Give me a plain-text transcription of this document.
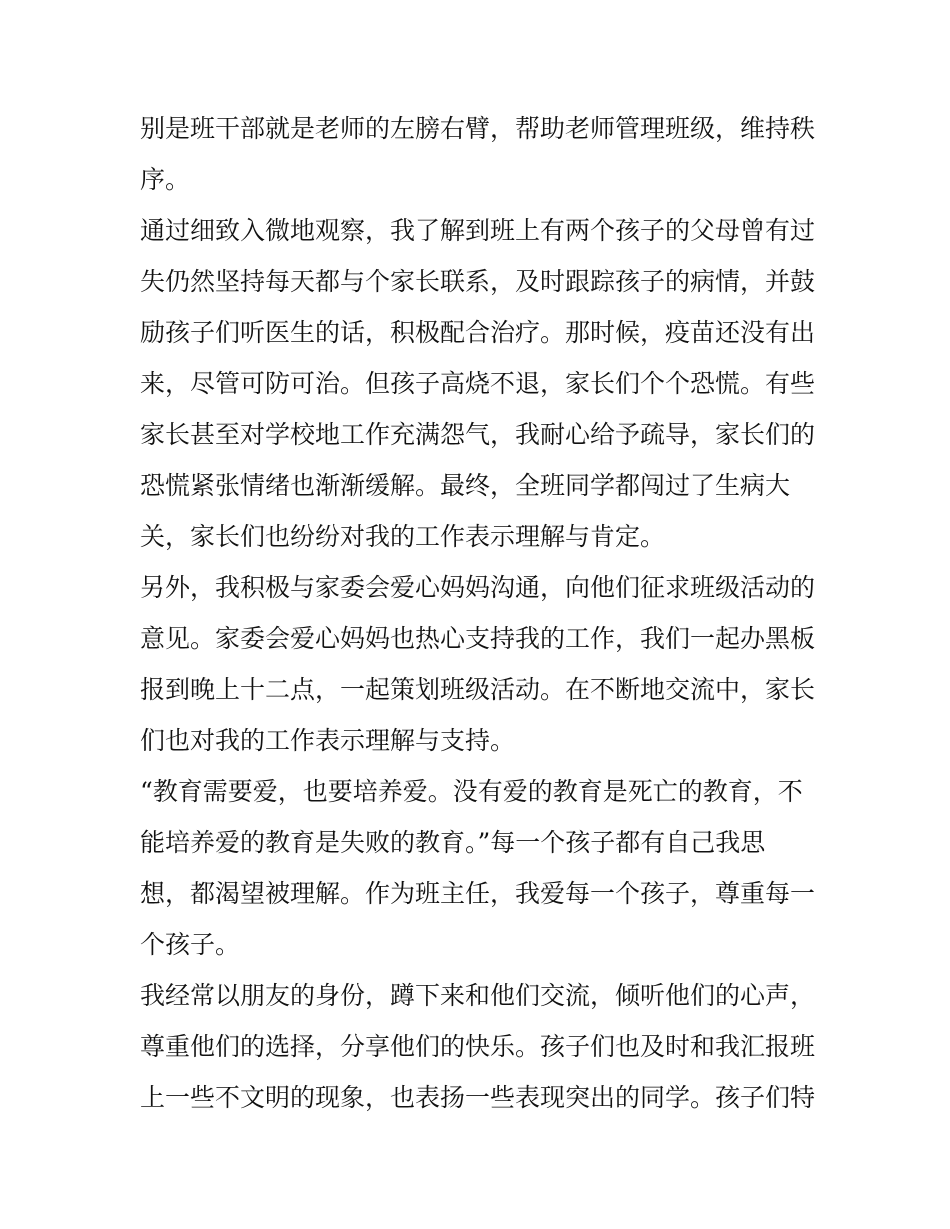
别是班干部就是老师的左膀右臂，帮助老师管理班级，维持秩
序。
通过细致入微地观察，我了解到班上有两个孩子的父母曾有过
失仍然坚持每天都与个家长联系，及时跟踪孩子的病情，并鼓
励孩子们听医生的话，积极配合治疗。那时候，疫苗还没有出
来，尽管可防可治。但孩子高烧不退，家长们个个恐慌。有些
家长甚至对学校地工作充满怨气，我耐心给予疏导，家长们的
恐慌紧张情绪也渐渐缓解。最终，全班同学都闯过了生病大
关，家长们也纷纷对我的工作表示理解与肯定。
另外，我积极与家委会爱心妈妈沟通，向他们征求班级活动的
意见。家委会爱心妈妈也热心支持我的工作，我们一起办黑板
报到晚上十二点，一起策划班级活动。在不断地交流中，家长
们也对我的工作表示理解与支持。
“教育需要爱，也要培养爱。没有爱的教育是死亡的教育，不
能培养爱的教育是失败的教育。”每一个孩子都有自己我思
想，都渴望被理解。作为班主任，我爱每一个孩子，尊重每一
个孩子。
我经常以朋友的身份，蹲下来和他们交流，倾听他们的心声，
尊重他们的选择，分享他们的快乐。孩子们也及时和我汇报班
上一些不文明的现象，也表扬一些表现突出的同学。孩子们特
